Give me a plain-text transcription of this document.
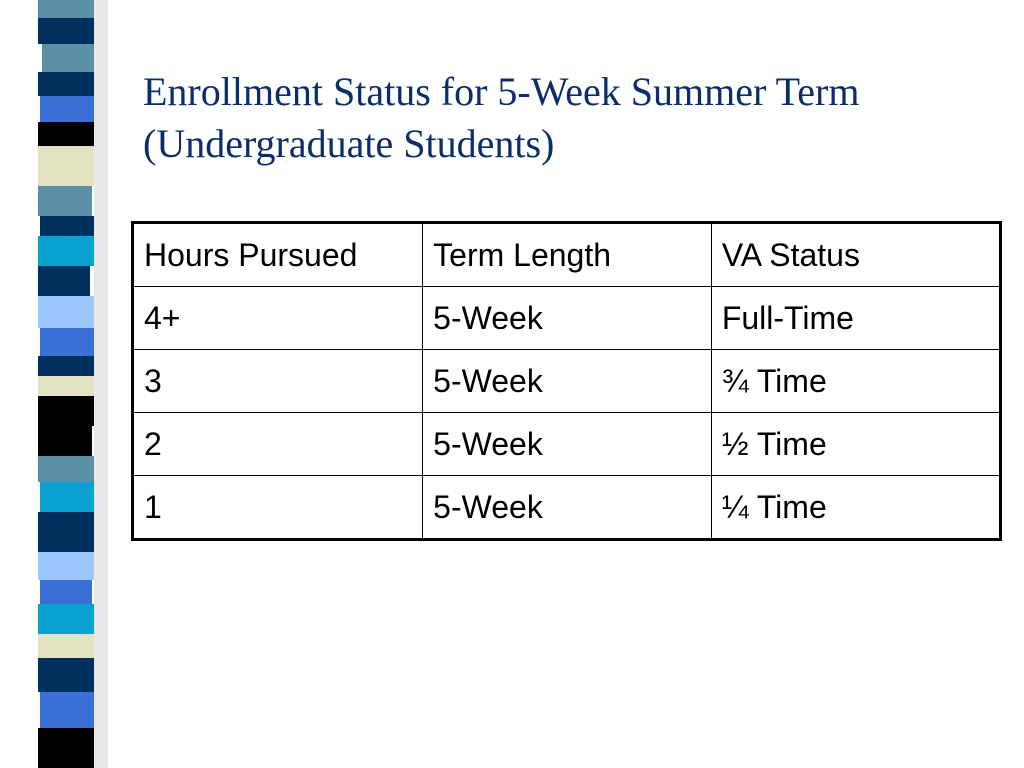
Enrollment Status for 5-Week Summer Term
(Undergraduate Students)
Hours Pursued	Term Length	VA Status
4+	5-Week	Full-Time
3	5-Week	¾ Time
2	5-Week	½ Time
1	5-Week	¼ Time
